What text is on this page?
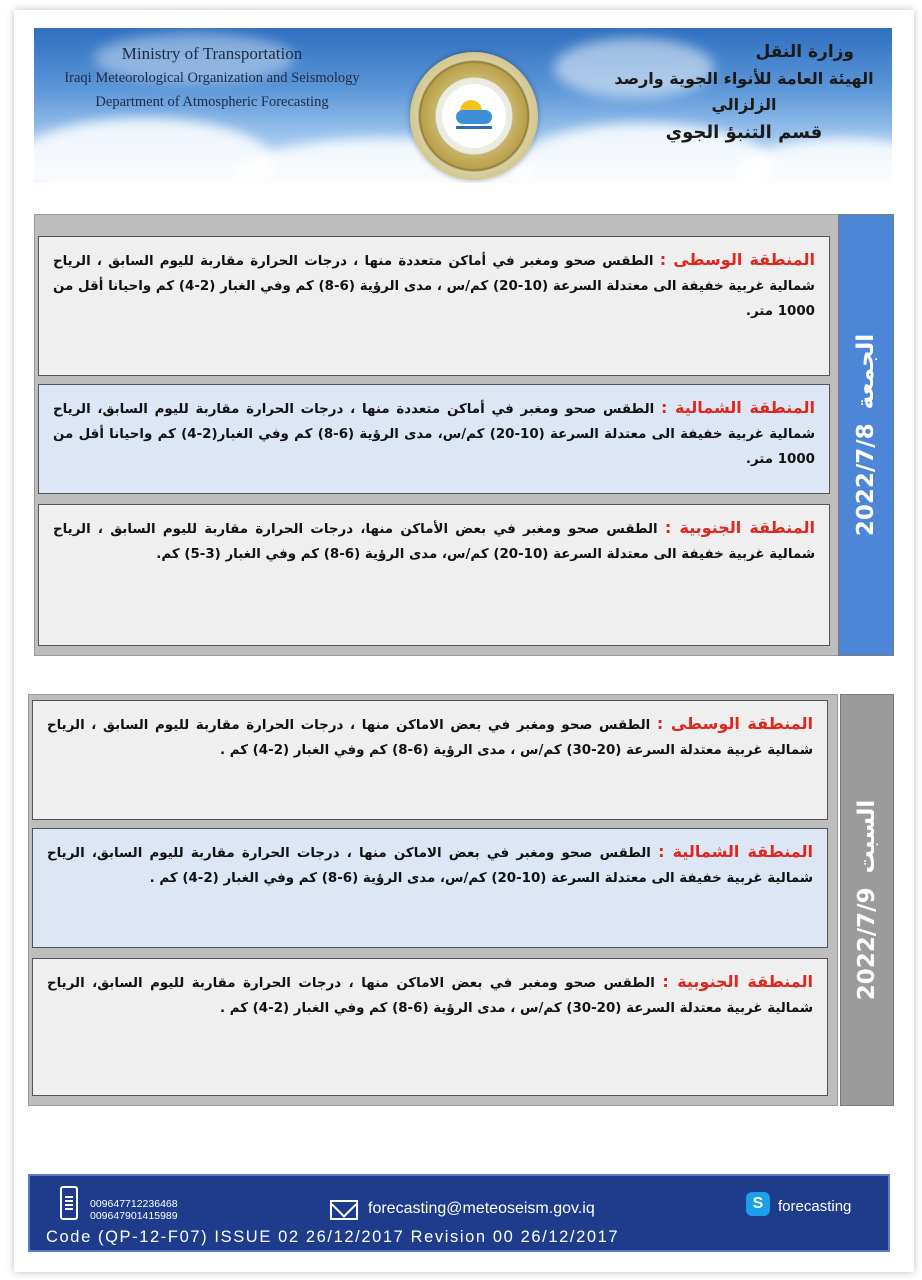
Ministry of Transportation
Iraqi Meteorological Organization and Seismology
Department of Atmospheric Forecasting
وزارة النقل
الهيئة العامة للأنواء الجوية وارصد الزلزالي
قسم التنبؤ الجوي
الجمعة
2022/7/8
المنطقة الوسطى : الطقس صحو ومغبر في أماكن متعددة منها ، درجات الحرارة مقاربة لليوم السابق ، الرياح شمالية غربية خفيفة الى معتدلة السرعة (10-20) كم/س ، مدى الرؤية (6-8) كم وفي الغبار (2-4) كم واحيانا أقل من 1000 متر.
المنطقة الشمالية : الطقس صحو ومغبر في أماكن متعددة منها ، درجات الحرارة مقاربة لليوم السابق، الرياح شمالية غربية خفيفة الى معتدلة السرعة (10-20) كم/س، مدى الرؤية (6-8) كم وفي الغبار(2-4) كم واحيانا أقل من 1000 متر.
المنطقة الجنوبية : الطقس صحو ومغبر في بعض الأماكن منها، درجات الحرارة مقاربة لليوم السابق ، الرياح شمالية غربية خفيفة الى معتدلة السرعة (10-20) كم/س، مدى الرؤية (6-8) كم وفي الغبار (3-5) كم.
السبت
2022/7/9
المنطقة الوسطى : الطقس صحو ومغبر في بعض الاماكن منها ، درجات الحرارة مقاربة لليوم السابق ، الرياح شمالية غربية معتدلة السرعة (20-30) كم/س ، مدى الرؤية (6-8) كم وفي الغبار (2-4) كم .
المنطقة الشمالية : الطقس صحو ومغبر في بعض الاماكن منها ، درجات الحرارة مقاربة لليوم السابق، الرياح شمالية غربية خفيفة الى معتدلة السرعة (10-20) كم/س، مدى الرؤية (6-8) كم وفي الغبار (2-4) كم .
المنطقة الجنوبية : الطقس صحو ومغبر في بعض الاماكن منها ، درجات الحرارة مقاربة لليوم السابق، الرياح شمالية غربية معتدلة السرعة (20-30) كم/س ، مدى الرؤية (6-8) كم وفي الغبار (2-4) كم .
009647712236468
009647901415989	forecasting@meteoseism.gov.iq	S forecasting
Code (QP-12-F07) ISSUE 02 26/12/2017 Revision 00 26/12/2017
